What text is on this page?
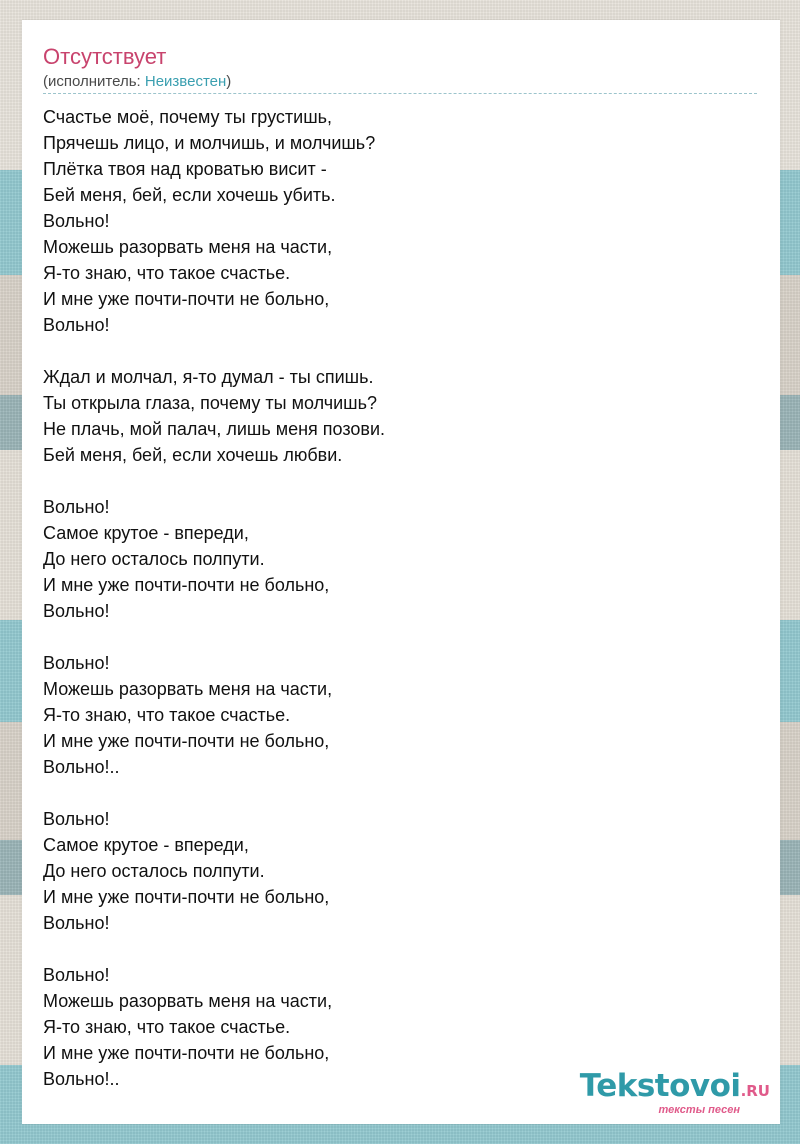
Отсутствует
(исполнитель: Неизвестен)
Счастье моё, почему ты грустишь,
Прячешь лицо, и молчишь, и молчишь?
Плётка твоя над кроватью висит -
Бей меня, бей, если хочешь убить.
Вольно!
Можешь разорвать меня на части,
Я-то знаю, что такое счастье.
И мне уже почти-почти не больно,
Вольно!
Ждал и молчал, я-то думал - ты спишь.
Ты открыла глаза, почему ты молчишь?
Не плачь, мой палач, лишь меня позови.
Бей меня, бей, если хочешь любви.
Вольно!
Самое крутое - впереди,
До него осталось полпути.
И мне уже почти-почти не больно,
Вольно!
Вольно!
Можешь разорвать меня на части,
Я-то знаю, что такое счастье.
И мне уже почти-почти не больно,
Вольно!..
Вольно!
Самое крутое - впереди,
До него осталось полпути.
И мне уже почти-почти не больно,
Вольно!
Вольно!
Можешь разорвать меня на части,
Я-то знаю, что такое счастье.
И мне уже почти-почти не больно,
Вольно!..	Tekstovoi.RU
тексты песен
